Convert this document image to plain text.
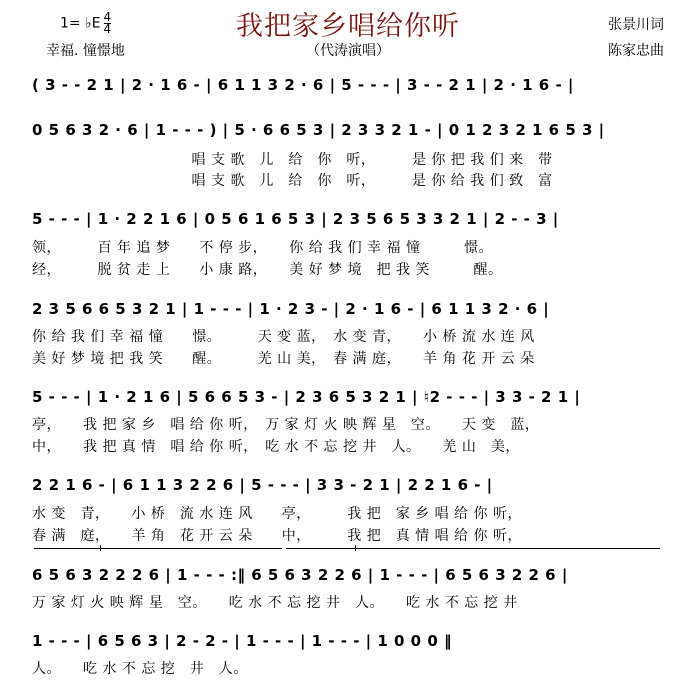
我把家乡唱给你听
1= ♭E $\frac{4}{4}$
幸福. 憧憬地	（代涛演唱）
张景川词
陈家忠曲
( 3 - - 2 1 | 2 · 1 6 - | 6 1 1 3 2 · 6 | 5 - - - | 3 - - 2 1 | 2 · 1 6 - |
0 5 6 3 2 · 6 | 1 - - - ) | 5 · 6 6 5 3 | 2 3 3 2 1 - | 0 1 2 3 2 1 6 5 3 |
　　　　　　　　　　　唱 支 歌　儿　给　你　听，　　　是 你 把 我 们 来　带
　　　　　　　　　　　唱 支 歌　儿　给　你　听，　　　是 你 给 我 们 致　富
5 - - - | 1 · 2 2 1 6 | 0 5 6 1 6 5 3 | 2 3 5 6 5 3 3 2 1 | 2 - - 3 |
领，　　　百 年 追 梦　　不 停 步，　　你 给 我 们 幸 福 憧　　　憬。
经，　　　脱 贫 走 上　　小 康 路，　　美 好 梦 境　把 我 笑　　　醒。
2 3 5 6 6 5 3 2 1 | 1 - - - | 1 · 2 3 - | 2 · 1 6 - | 6 1 1 3 2 · 6 |
你 给 我 们 幸 福 憧　　憬。　　　天 变 蓝，　水 变 青，　　小 桥 流 水 连 风
美 好 梦 境 把 我 笑　　醒。　　　羌 山 美，　春 满 庭，　　羊 角 花 开 云 朵
5 - - - | 1 · 2 1 6 | 5 6 6 5 3 - | 2 3 6 5 3 2 1 | ♮2 - - - | 3 3 - 2 1 |
亭，　　我 把 家 乡　唱 给 你 听，　万 家 灯 火 映 辉 星　空。　　天 变　蓝，
中，　　我 把 真 情　唱 给 你 听，　吃 水 不 忘 挖 井　人。　　羌 山　美，
2 2 1 6 - | 6 1 1 3 2 2 6 | 5 - - - | 3 3 - 2 1 | 2 2 1 6 - |
水 变　青，　　小 桥　流 水 连 风　　亭，　　　我 把　家 乡 唱 给 你 听，
春 满　庭，　　羊 角　花 开 云 朵　　中，　　　我 把　真 情 唱 给 你 听，
6 5 6 3 2 2 2 6 | 1 - - - :‖ 6 5 6 3 2 2 6 | 1 - - - | 6 5 6 3 2 2 6 |
万 家 灯 火 映 辉 星　空。　　吃 水 不 忘 挖 井　人。　　吃 水 不 忘 挖 井
1 - - - | 6 5 6 3 | 2 - 2 - | 1 - - - | 1 - - - | 1 0 0 0 ‖
人。　　吃 水 不 忘 挖　井　人。
